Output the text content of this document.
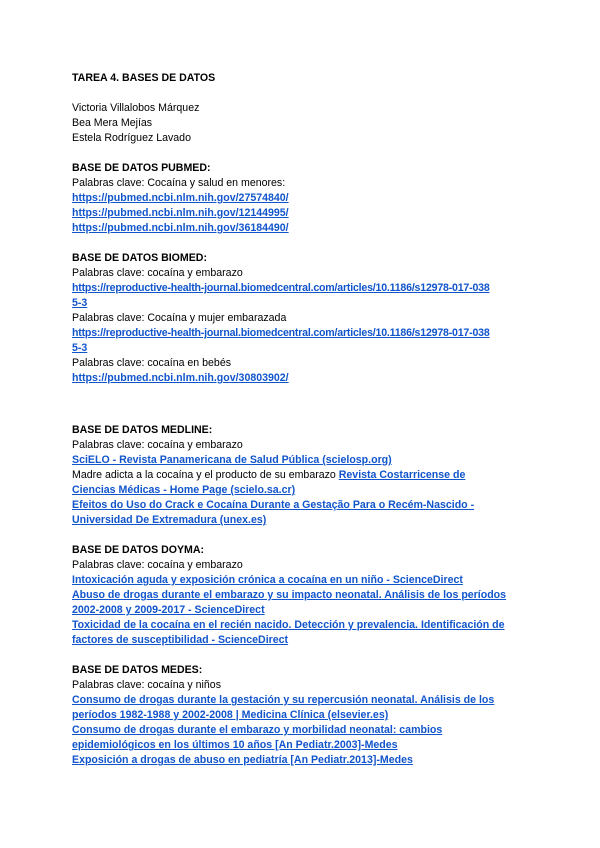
TAREA 4. BASES DE DATOS
Victoria Villalobos Márquez
Bea Mera Mejías
Estela Rodríguez Lavado
BASE DE DATOS PUBMED:
Palabras clave: Cocaína y salud en menores:
https://pubmed.ncbi.nlm.nih.gov/27574840/
https://pubmed.ncbi.nlm.nih.gov/12144995/
https://pubmed.ncbi.nlm.nih.gov/36184490/
BASE DE DATOS BIOMED:
Palabras clave: cocaína y embarazo
https://reproductive-health-journal.biomedcentral.com/articles/10.1186/s12978-017-038
5-3
Palabras clave: Cocaína y mujer embarazada
https://reproductive-health-journal.biomedcentral.com/articles/10.1186/s12978-017-038
5-3
Palabras clave: cocaína en bebés
https://pubmed.ncbi.nlm.nih.gov/30803902/
BASE DE DATOS MEDLINE:
Palabras clave: cocaína y embarazo
SciELO - Revista Panamericana de Salud Pública (scielosp.org)
Madre adicta a la cocaína y el producto de su embarazo Revista Costarricense de
Ciencias Médicas - Home Page (scielo.sa.cr)
Efeitos do Uso do Crack e Cocaína Durante a Gestação Para o Recém-Nascido -
Universidad De Extremadura (unex.es)
BASE DE DATOS DOYMA:
Palabras clave: cocaína y embarazo
Intoxicación aguda y exposición crónica a cocaína en un niño - ScienceDirect
Abuso de drogas durante el embarazo y su impacto neonatal. Análisis de los períodos
2002-2008 y 2009-2017 - ScienceDirect
Toxicidad de la cocaína en el recién nacido. Detección y prevalencia. Identificación de
factores de susceptibilidad - ScienceDirect
BASE DE DATOS MEDES:
Palabras clave: cocaína y niños
Consumo de drogas durante la gestación y su repercusión neonatal. Análisis de los
períodos 1982-1988 y 2002-2008 | Medicina Clínica (elsevier.es)
Consumo de drogas durante el embarazo y morbilidad neonatal: cambios
epidemiológicos en los últimos 10 años [An Pediatr.2003]-Medes
Exposición a drogas de abuso en pediatría [An Pediatr.2013]-Medes
